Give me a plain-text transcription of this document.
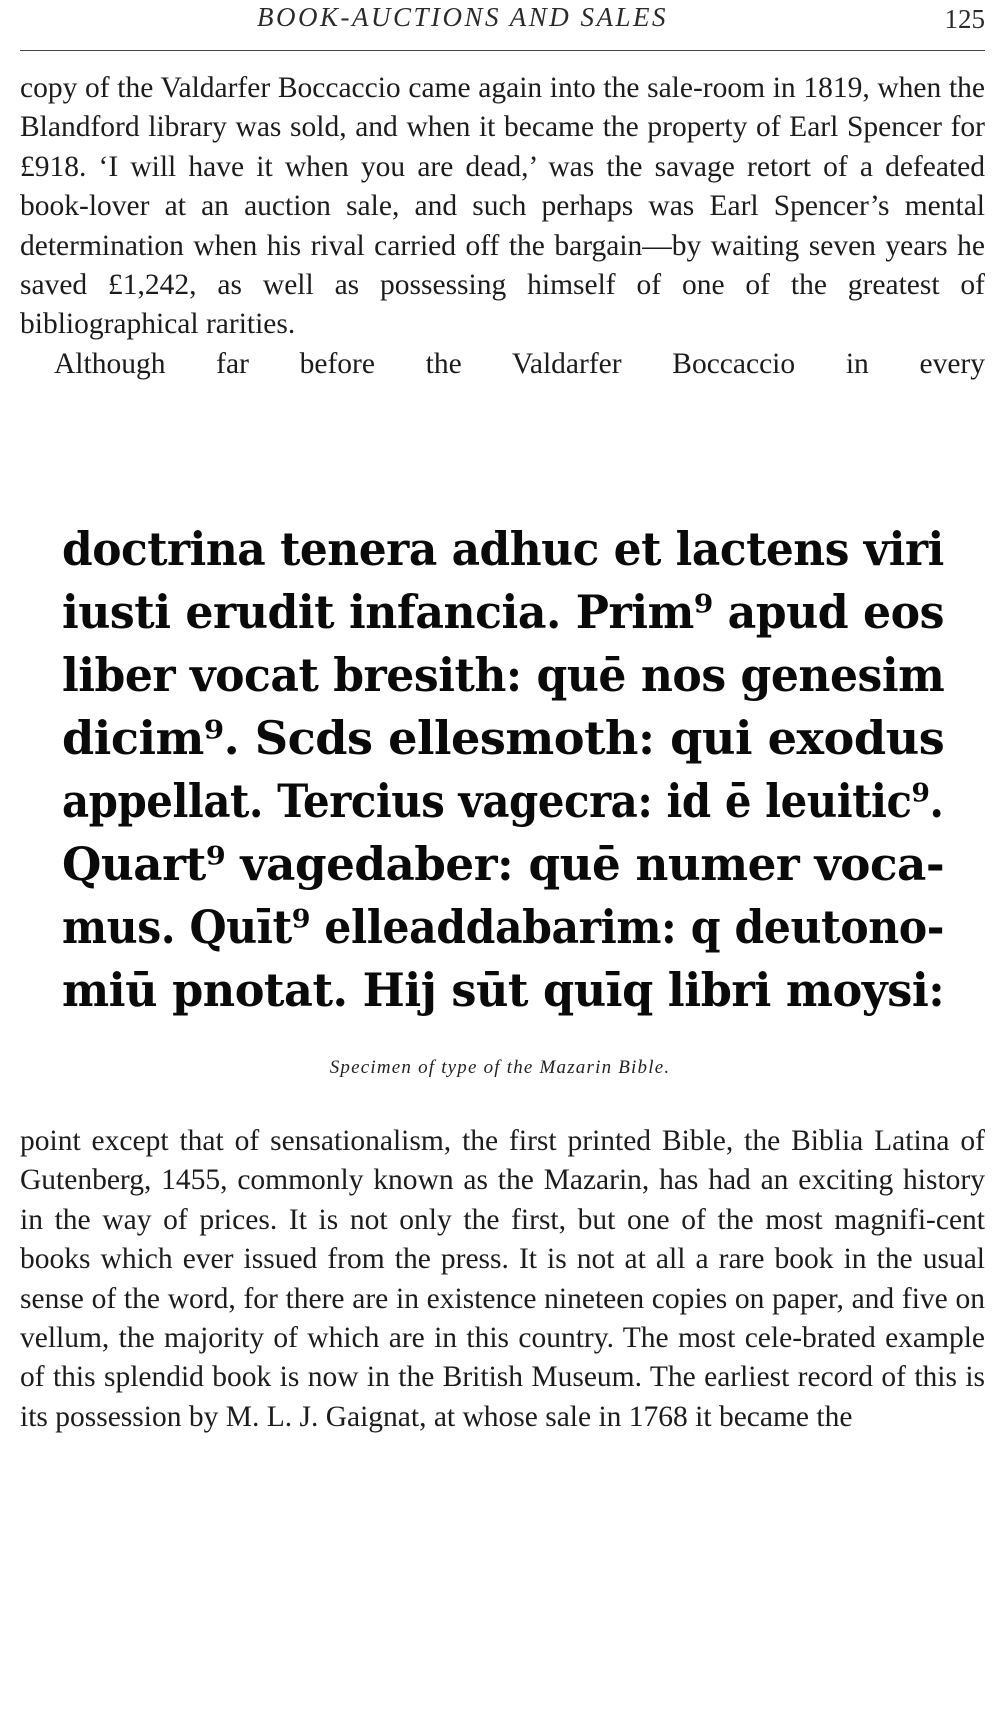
BOOK-AUCTIONS AND SALES	125

copy of the Valdarfer Boccaccio came again into the sale-room in 1819, when the Blandford library was sold, and when it became the property of Earl Spencer for £918. ‘I will have it when you are dead,’ was the savage retort of a defeated book-lover at an auction sale, and such perhaps was Earl Spencer’s mental determination when his rival carried off the bargain—by waiting seven years he saved £1,242, as well as possessing himself of one of the greatest of bibliographical rarities.

Although far before the Valdarfer Boccaccio in every

doctrina tenera adhuc et lactens viri
iusti erudit infancia. Prim⁹ apud eos
liber vocat bresith: quē nos genesim
dicim⁹. Scds ellesmoth: qui exodus
appellat. Tercius vagecra: id ē leuitic⁹.
Quart⁹ vagedaber: quē numer voca-
mus. Quīt⁹ elleaddabarim: q deutono-
miū pnotat. Hij sūt quīq libri moysi:
Specimen of type of the Mazarin Bible.

point except that of sensationalism, the first printed Bible, the Biblia Latina of Gutenberg, 1455, commonly known as the Mazarin, has had an exciting history in the way of prices. It is not only the first, but one of the most magnifi-cent books which ever issued from the press. It is not at all a rare book in the usual sense of the word, for there are in existence nineteen copies on paper, and five on vellum, the majority of which are in this country. The most cele-brated example of this splendid book is now in the British Museum. The earliest record of this is its possession by M. L. J. Gaignat, at whose sale in 1768 it became the
